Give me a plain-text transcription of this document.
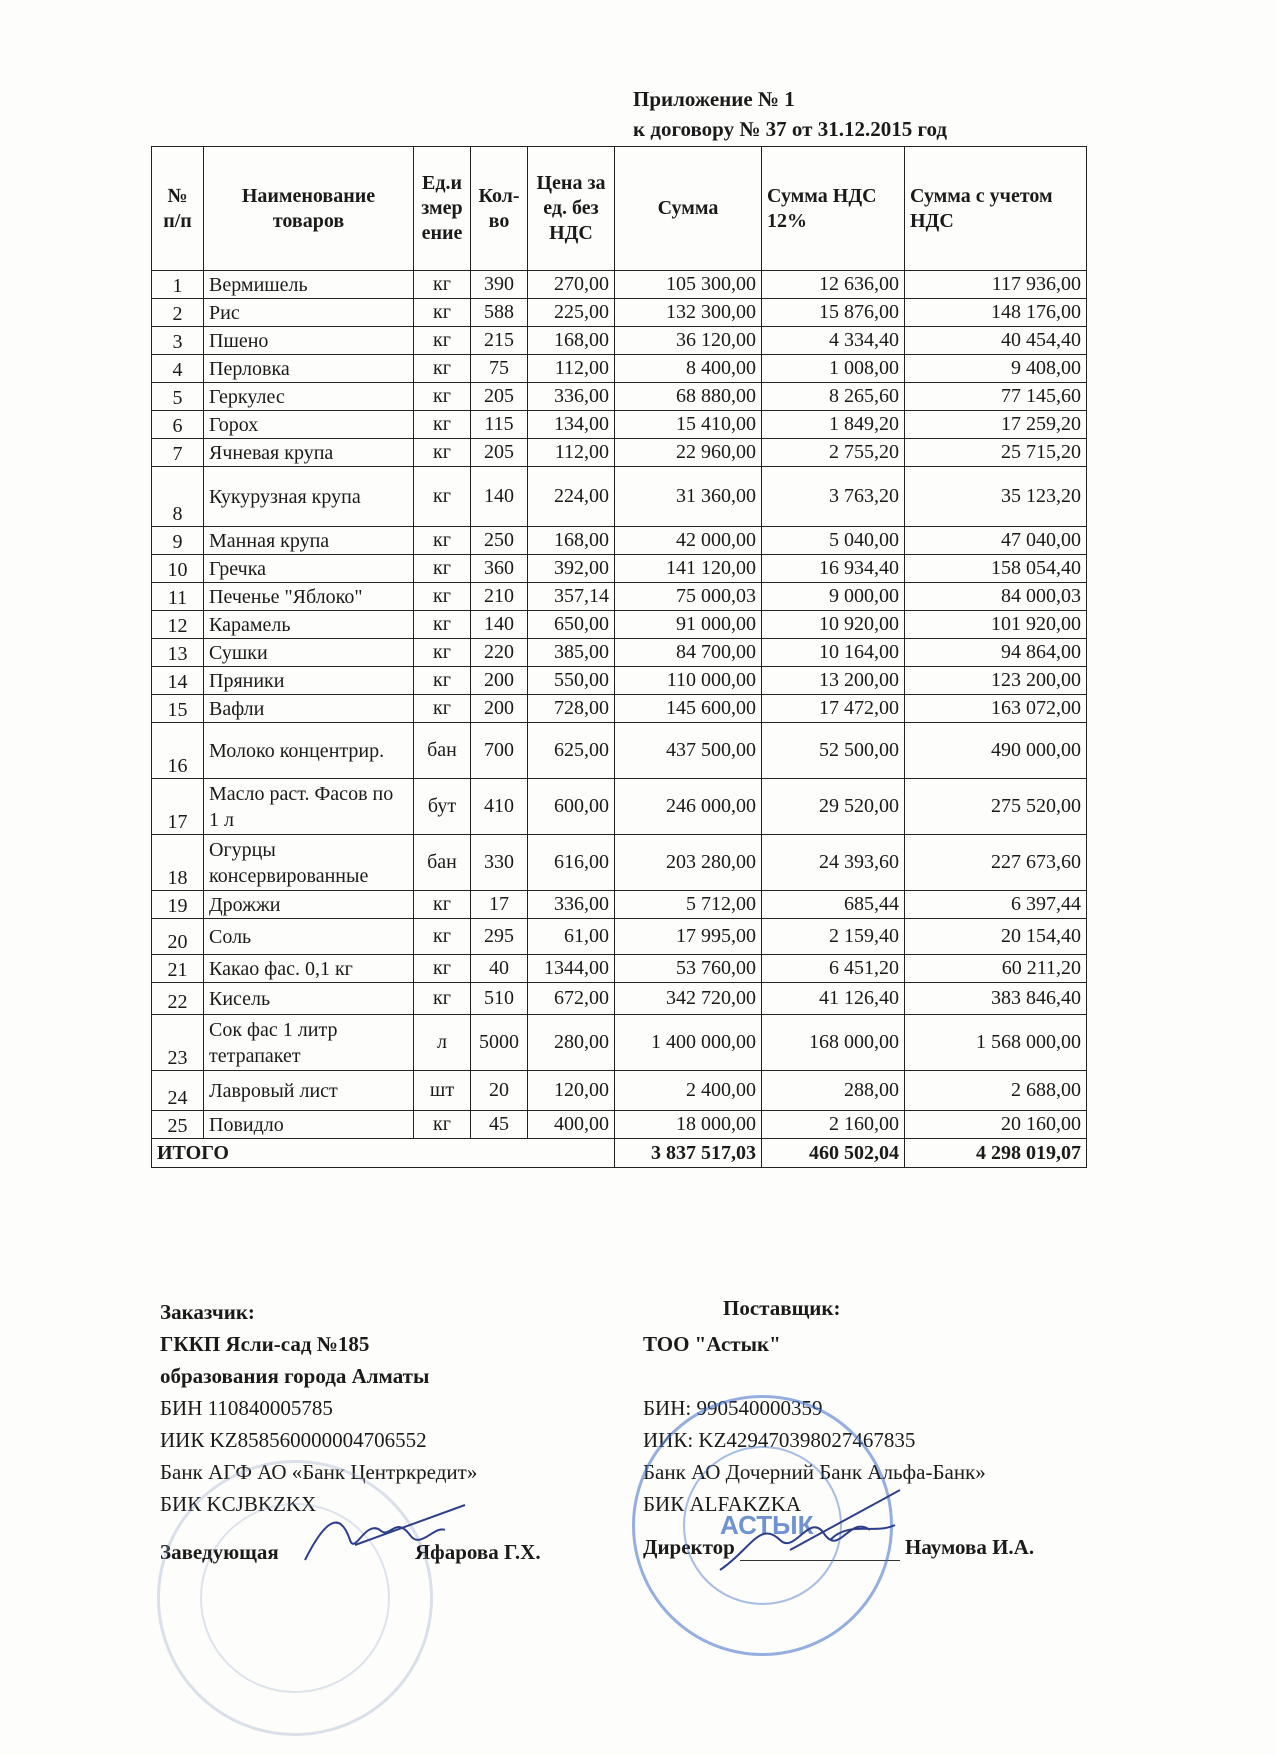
Приложение № 1
к договору № 37 от 31.12.2015 год
№ п/п	Наименование товаров	Ед.и змер ение	Кол-во	Цена за ед. без НДС	Сумма	Сумма НДС 12%	Сумма с учетом НДС
1	Вермишель	кг	390	270,00	105 300,00	12 636,00	117 936,00
2	Рис	кг	588	225,00	132 300,00	15 876,00	148 176,00
3	Пшено	кг	215	168,00	36 120,00	4 334,40	40 454,40
4	Перловка	кг	75	112,00	8 400,00	1 008,00	9 408,00
5	Геркулес	кг	205	336,00	68 880,00	8 265,60	77 145,60
6	Горох	кг	115	134,00	15 410,00	1 849,20	17 259,20
7	Ячневая крупа	кг	205	112,00	22 960,00	2 755,20	25 715,20
8	Кукурузная крупа	кг	140	224,00	31 360,00	3 763,20	35 123,20
9	Манная крупа	кг	250	168,00	42 000,00	5 040,00	47 040,00
10	Гречка	кг	360	392,00	141 120,00	16 934,40	158 054,40
11	Печенье "Яблоко"	кг	210	357,14	75 000,03	9 000,00	84 000,03
12	Карамель	кг	140	650,00	91 000,00	10 920,00	101 920,00
13	Сушки	кг	220	385,00	84 700,00	10 164,00	94 864,00
14	Пряники	кг	200	550,00	110 000,00	13 200,00	123 200,00
15	Вафли	кг	200	728,00	145 600,00	17 472,00	163 072,00
16	Молоко концентрир.	бан	700	625,00	437 500,00	52 500,00	490 000,00
17	Масло раст. Фасов по 1 л	бут	410	600,00	246 000,00	29 520,00	275 520,00
18	Огурцы консервированные	бан	330	616,00	203 280,00	24 393,60	227 673,60
19	Дрожжи	кг	17	336,00	5 712,00	685,44	6 397,44
20	Соль	кг	295	61,00	17 995,00	2 159,40	20 154,40
21	Какао фас. 0,1 кг	кг	40	1344,00	53 760,00	6 451,20	60 211,20
22	Кисель	кг	510	672,00	342 720,00	41 126,40	383 846,40
23	Сок фас 1 литр тетрапакет	л	5000	280,00	1 400 000,00	168 000,00	1 568 000,00
24	Лавровый лист	шт	20	120,00	2 400,00	288,00	2 688,00
25	Повидло	кг	45	400,00	18 000,00	2 160,00	20 160,00
ИТОГО					3 837 517,03	460 502,04	4 298 019,07
Заказчик:
ГККП Ясли-сад №185
образования города Алматы
БИН 110840005785
ИИК KZ858560000004706552
Банк АГФ АО «Банк Центркредит»
БИК KCJBKZKX
Заведующая	Яфарова Г.Х.
Поставщик:
ТОО "Астык"
БИН: 990540000359
ИИК: KZ429470398027467835
Банк АО Дочерний Банк Альфа-Банк»
БИК ALFAKZKA
Директор	Наумова И.А.
АСТЫК
